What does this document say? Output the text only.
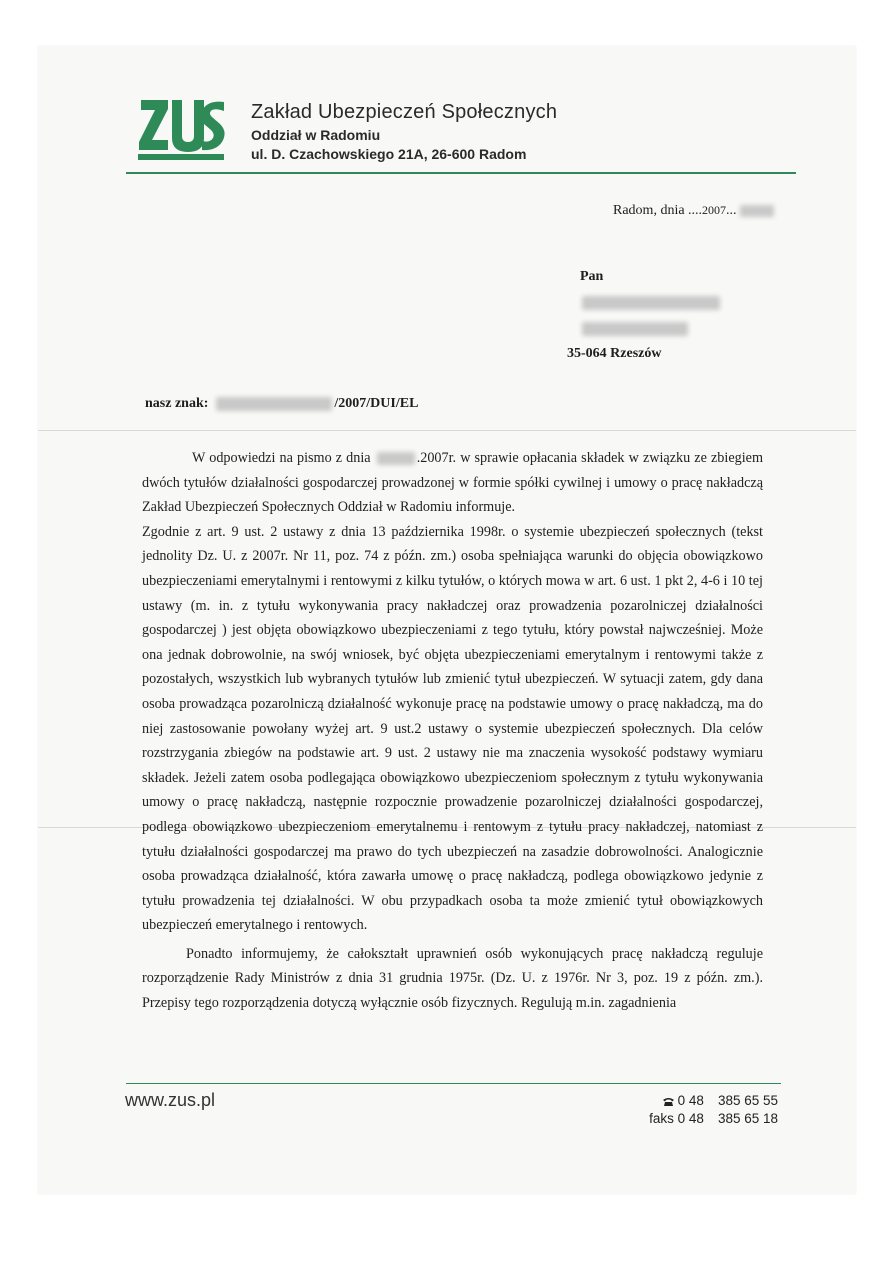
Zakład Ubezpieczeń Społecznych
Oddział w Radomiu
ul. D. Czachowskiego 21A, 26-600 Radom
Radom, dnia ....2007...
Pan
35-064 Rzeszów
nasz znak:	/2007/DUI/EL

W odpowiedzi na pismo z dnia	.2007r. w sprawie opłacania składek w związku ze zbiegiem dwóch tytułów działalności gospodarczej prowadzonej w formie spółki cywilnej i umowy o pracę nakładczą Zakład Ubezpieczeń Społecznych Oddział w Radomiu informuje.

Zgodnie z art. 9 ust. 2 ustawy z dnia 13 października 1998r. o systemie ubezpieczeń społecznych (tekst jednolity Dz. U. z 2007r. Nr 11, poz. 74 z późn. zm.) osoba spełniająca warunki do objęcia obowiązkowo ubezpieczeniami emerytalnymi i rentowymi z kilku tytułów, o których mowa w art. 6 ust. 1 pkt 2, 4-6 i 10 tej ustawy (m. in. z tytułu wykonywania pracy nakładczej oraz prowadzenia pozarolniczej działalności gospodarczej ) jest objęta obowiązkowo ubezpieczeniami z tego tytułu, który powstał najwcześniej. Może ona jednak dobrowolnie, na swój wniosek, być objęta ubezpieczeniami emerytalnym i rentowymi także z pozostałych, wszystkich lub wybranych tytułów lub zmienić tytuł ubezpieczeń. W sytuacji zatem, gdy dana osoba prowadząca pozarolniczą działalność wykonuje pracę na podstawie umowy o pracę nakładczą, ma do niej zastosowanie powołany wyżej art. 9 ust.2 ustawy o systemie ubezpieczeń społecznych. Dla celów rozstrzygania zbiegów na podstawie art. 9 ust. 2 ustawy nie ma znaczenia wysokość podstawy wymiaru składek. Jeżeli zatem osoba podlegająca obowiązkowo ubezpieczeniom społecznym z tytułu wykonywania umowy o pracę nakładczą, następnie rozpocznie prowadzenie pozarolniczej działalności gospodarczej, podlega obowiązkowo ubezpieczeniom emerytalnemu i rentowym z tytułu pracy nakładczej, natomiast z tytułu działalności gospodarczej ma prawo do tych ubezpieczeń na zasadzie dobrowolności. Analogicznie osoba prowadząca działalność, która zawarła umowę o pracę nakładczą, podlega obowiązkowo jedynie z tytułu prowadzenia tej działalności. W obu przypadkach osoba ta może zmienić tytuł obowiązkowych ubezpieczeń emerytalnego i rentowych.

Ponadto informujemy, że całokształt uprawnień osób wykonujących pracę nakładczą reguluje rozporządzenie Rady Ministrów z dnia 31 grudnia 1975r. (Dz. U. z 1976r. Nr 3, poz. 19 z późn. zm.). Przepisy tego rozporządzenia dotyczą wyłącznie osób fizycznych. Regulują m.in. zagadnienia

www.zus.pl	0 48 385 65 55
faks 0 48 385 65 18
